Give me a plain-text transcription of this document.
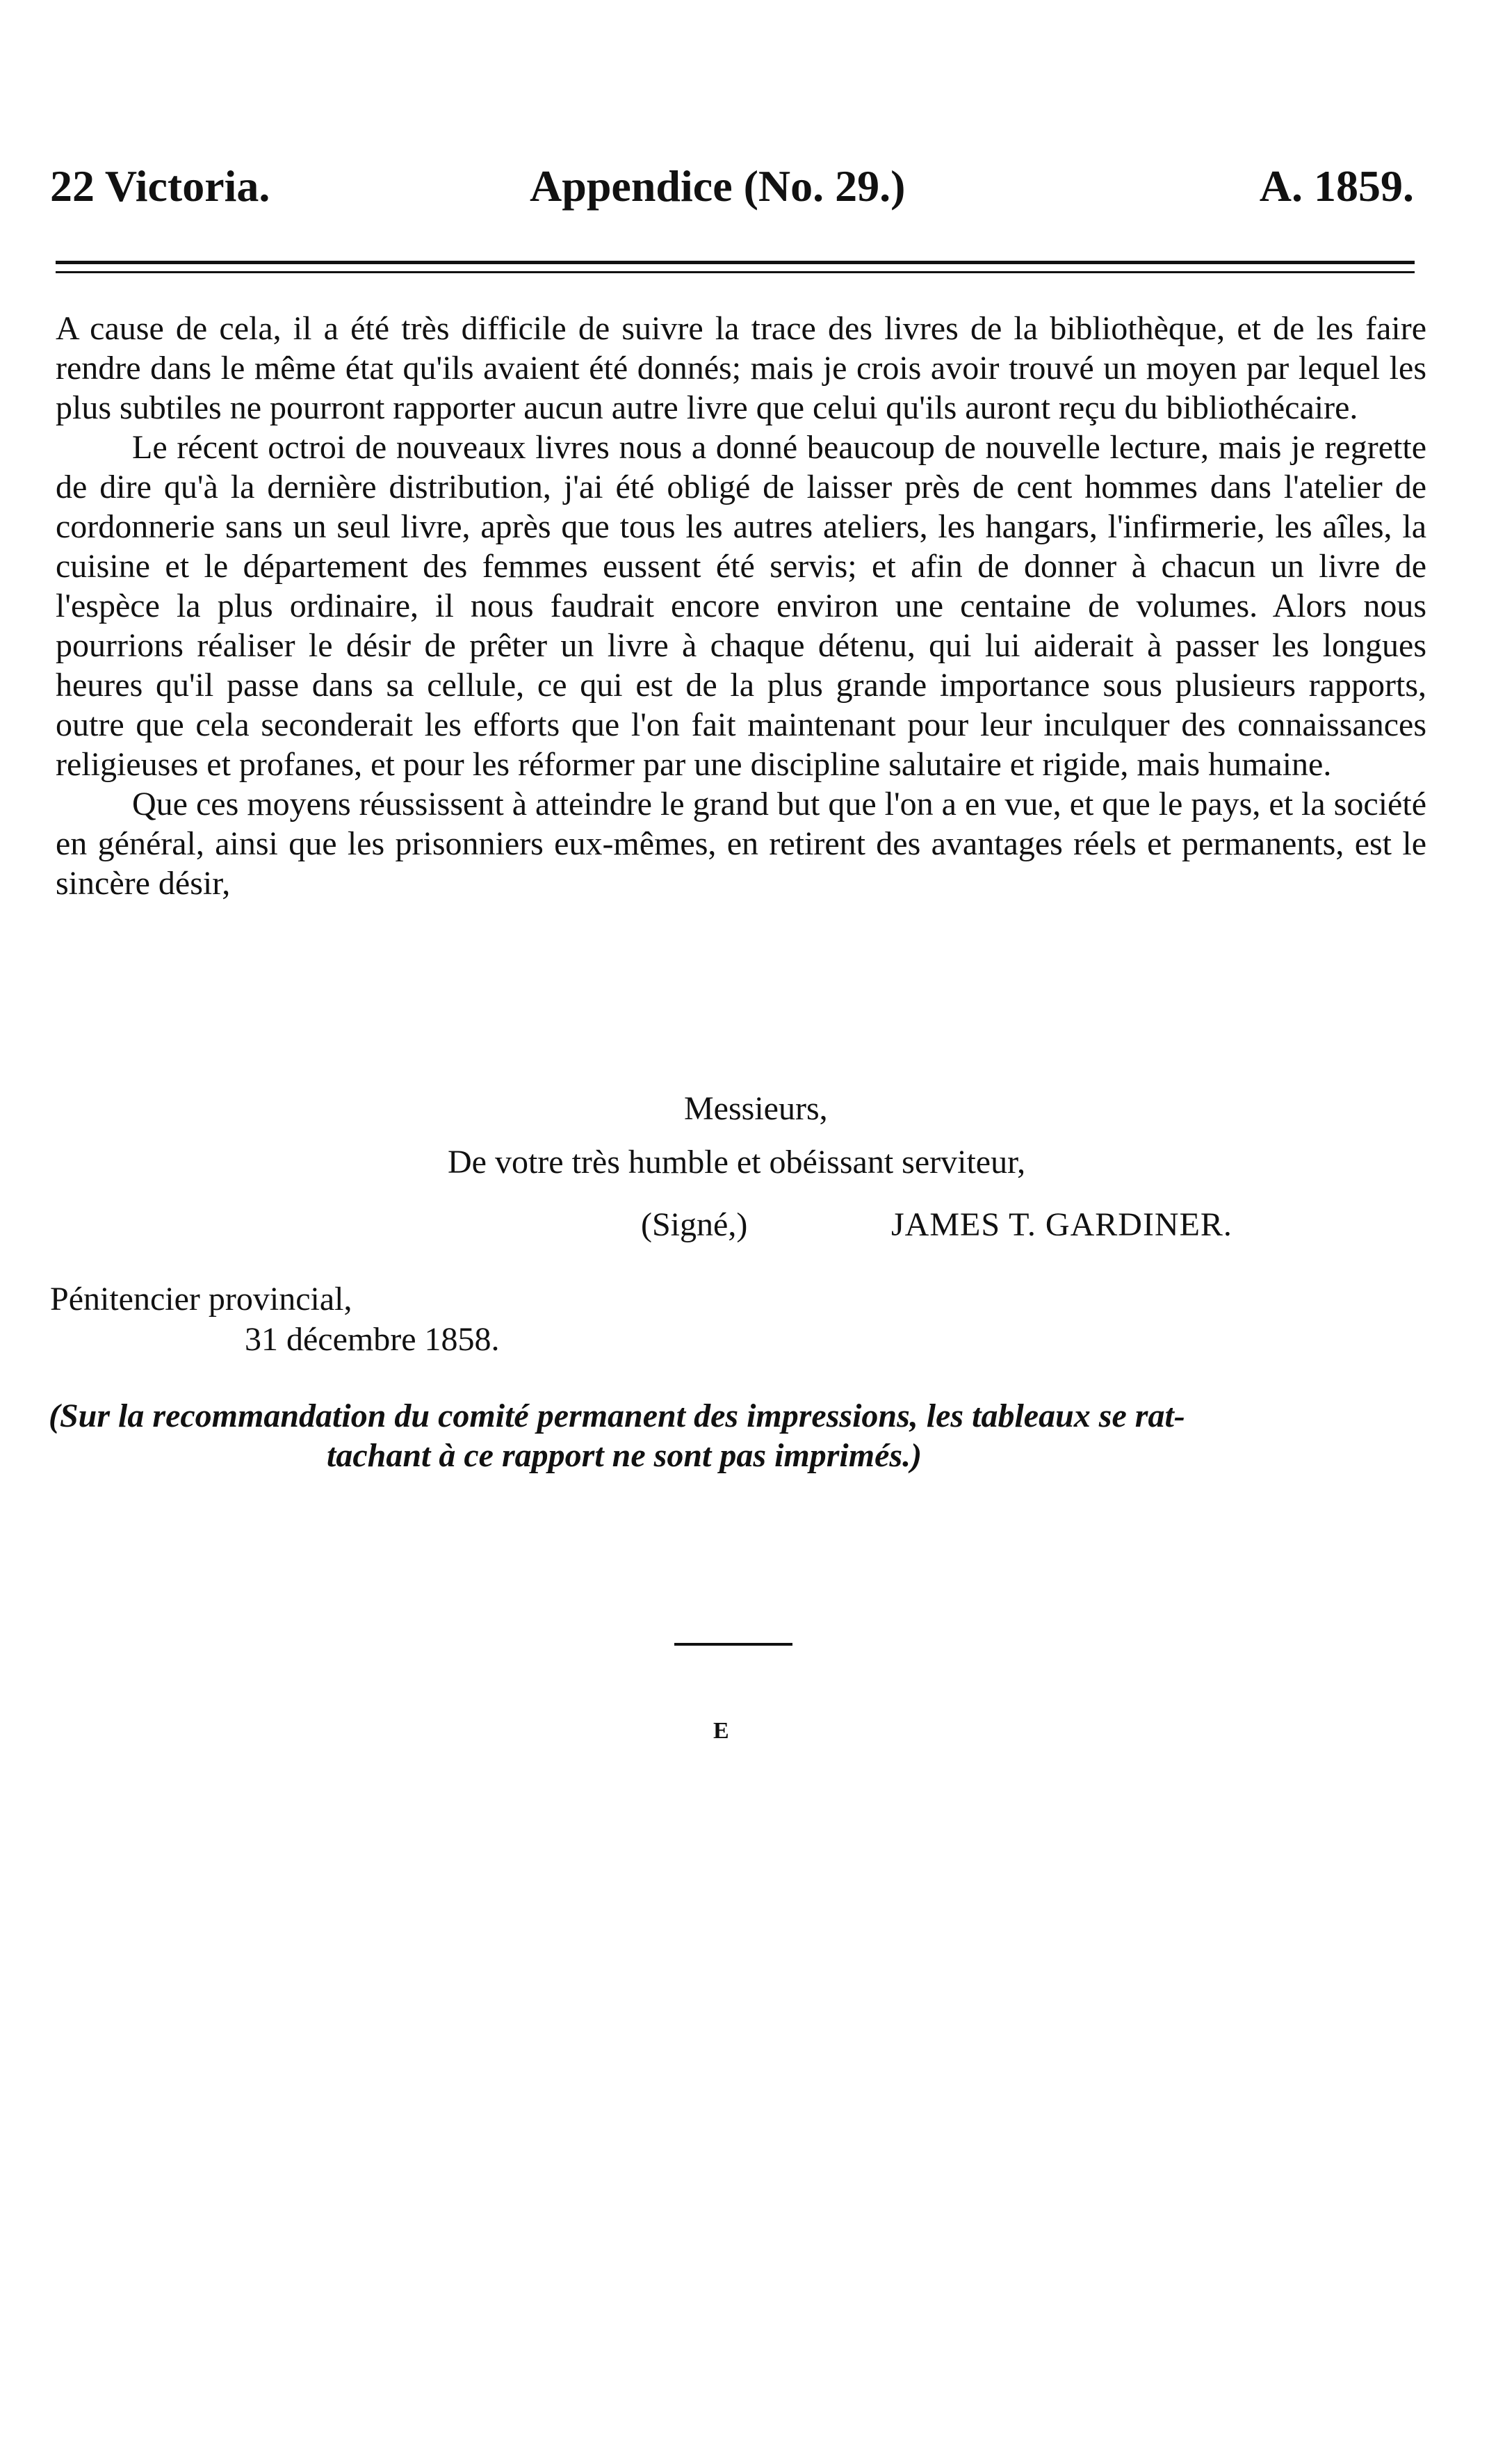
22 Victoria.	Appendice (No. 29.)	A. 1859.

A cause de cela, il a été très difficile de suivre la trace des livres de la bibliothèque, et de les faire rendre dans le même état qu'ils avaient été donnés; mais je crois avoir trouvé un moyen par lequel les plus subtiles ne pourront rapporter aucun autre livre que celui qu'ils auront reçu du bibliothécaire.

Le récent octroi de nouveaux livres nous a donné beaucoup de nouvelle lecture, mais je regrette de dire qu'à la dernière distribution, j'ai été obligé de laisser près de cent hommes dans l'atelier de cordonnerie sans un seul livre, après que tous les autres ateliers, les hangars, l'infirmerie, les aîles, la cuisine et le département des femmes eussent été servis; et afin de donner à chacun un livre de l'espèce la plus ordinaire, il nous faudrait encore environ une centaine de volumes. Alors nous pourrions réaliser le désir de prêter un livre à chaque détenu, qui lui aiderait à passer les longues heures qu'il passe dans sa cellule, ce qui est de la plus grande importance sous plusieurs rapports, outre que cela seconderait les efforts que l'on fait maintenant pour leur inculquer des connaissances religieuses et profanes, et pour les réformer par une discipline salutaire et rigide, mais humaine.

Que ces moyens réussissent à atteindre le grand but que l'on a en vue, et que le pays, et la société en général, ainsi que les prisonniers eux-mêmes, en retirent des avantages réels et permanents, est le sincère désir,

Messieurs,
De votre très humble et obéissant serviteur,
(Signé,)	JAMES T. GARDINER.
Pénitencier provincial,
31 décembre 1858.
(Sur la recommandation du comité permanent des impressions, les tableaux se rat-
tachant à ce rapport ne sont pas imprimés.)
E
